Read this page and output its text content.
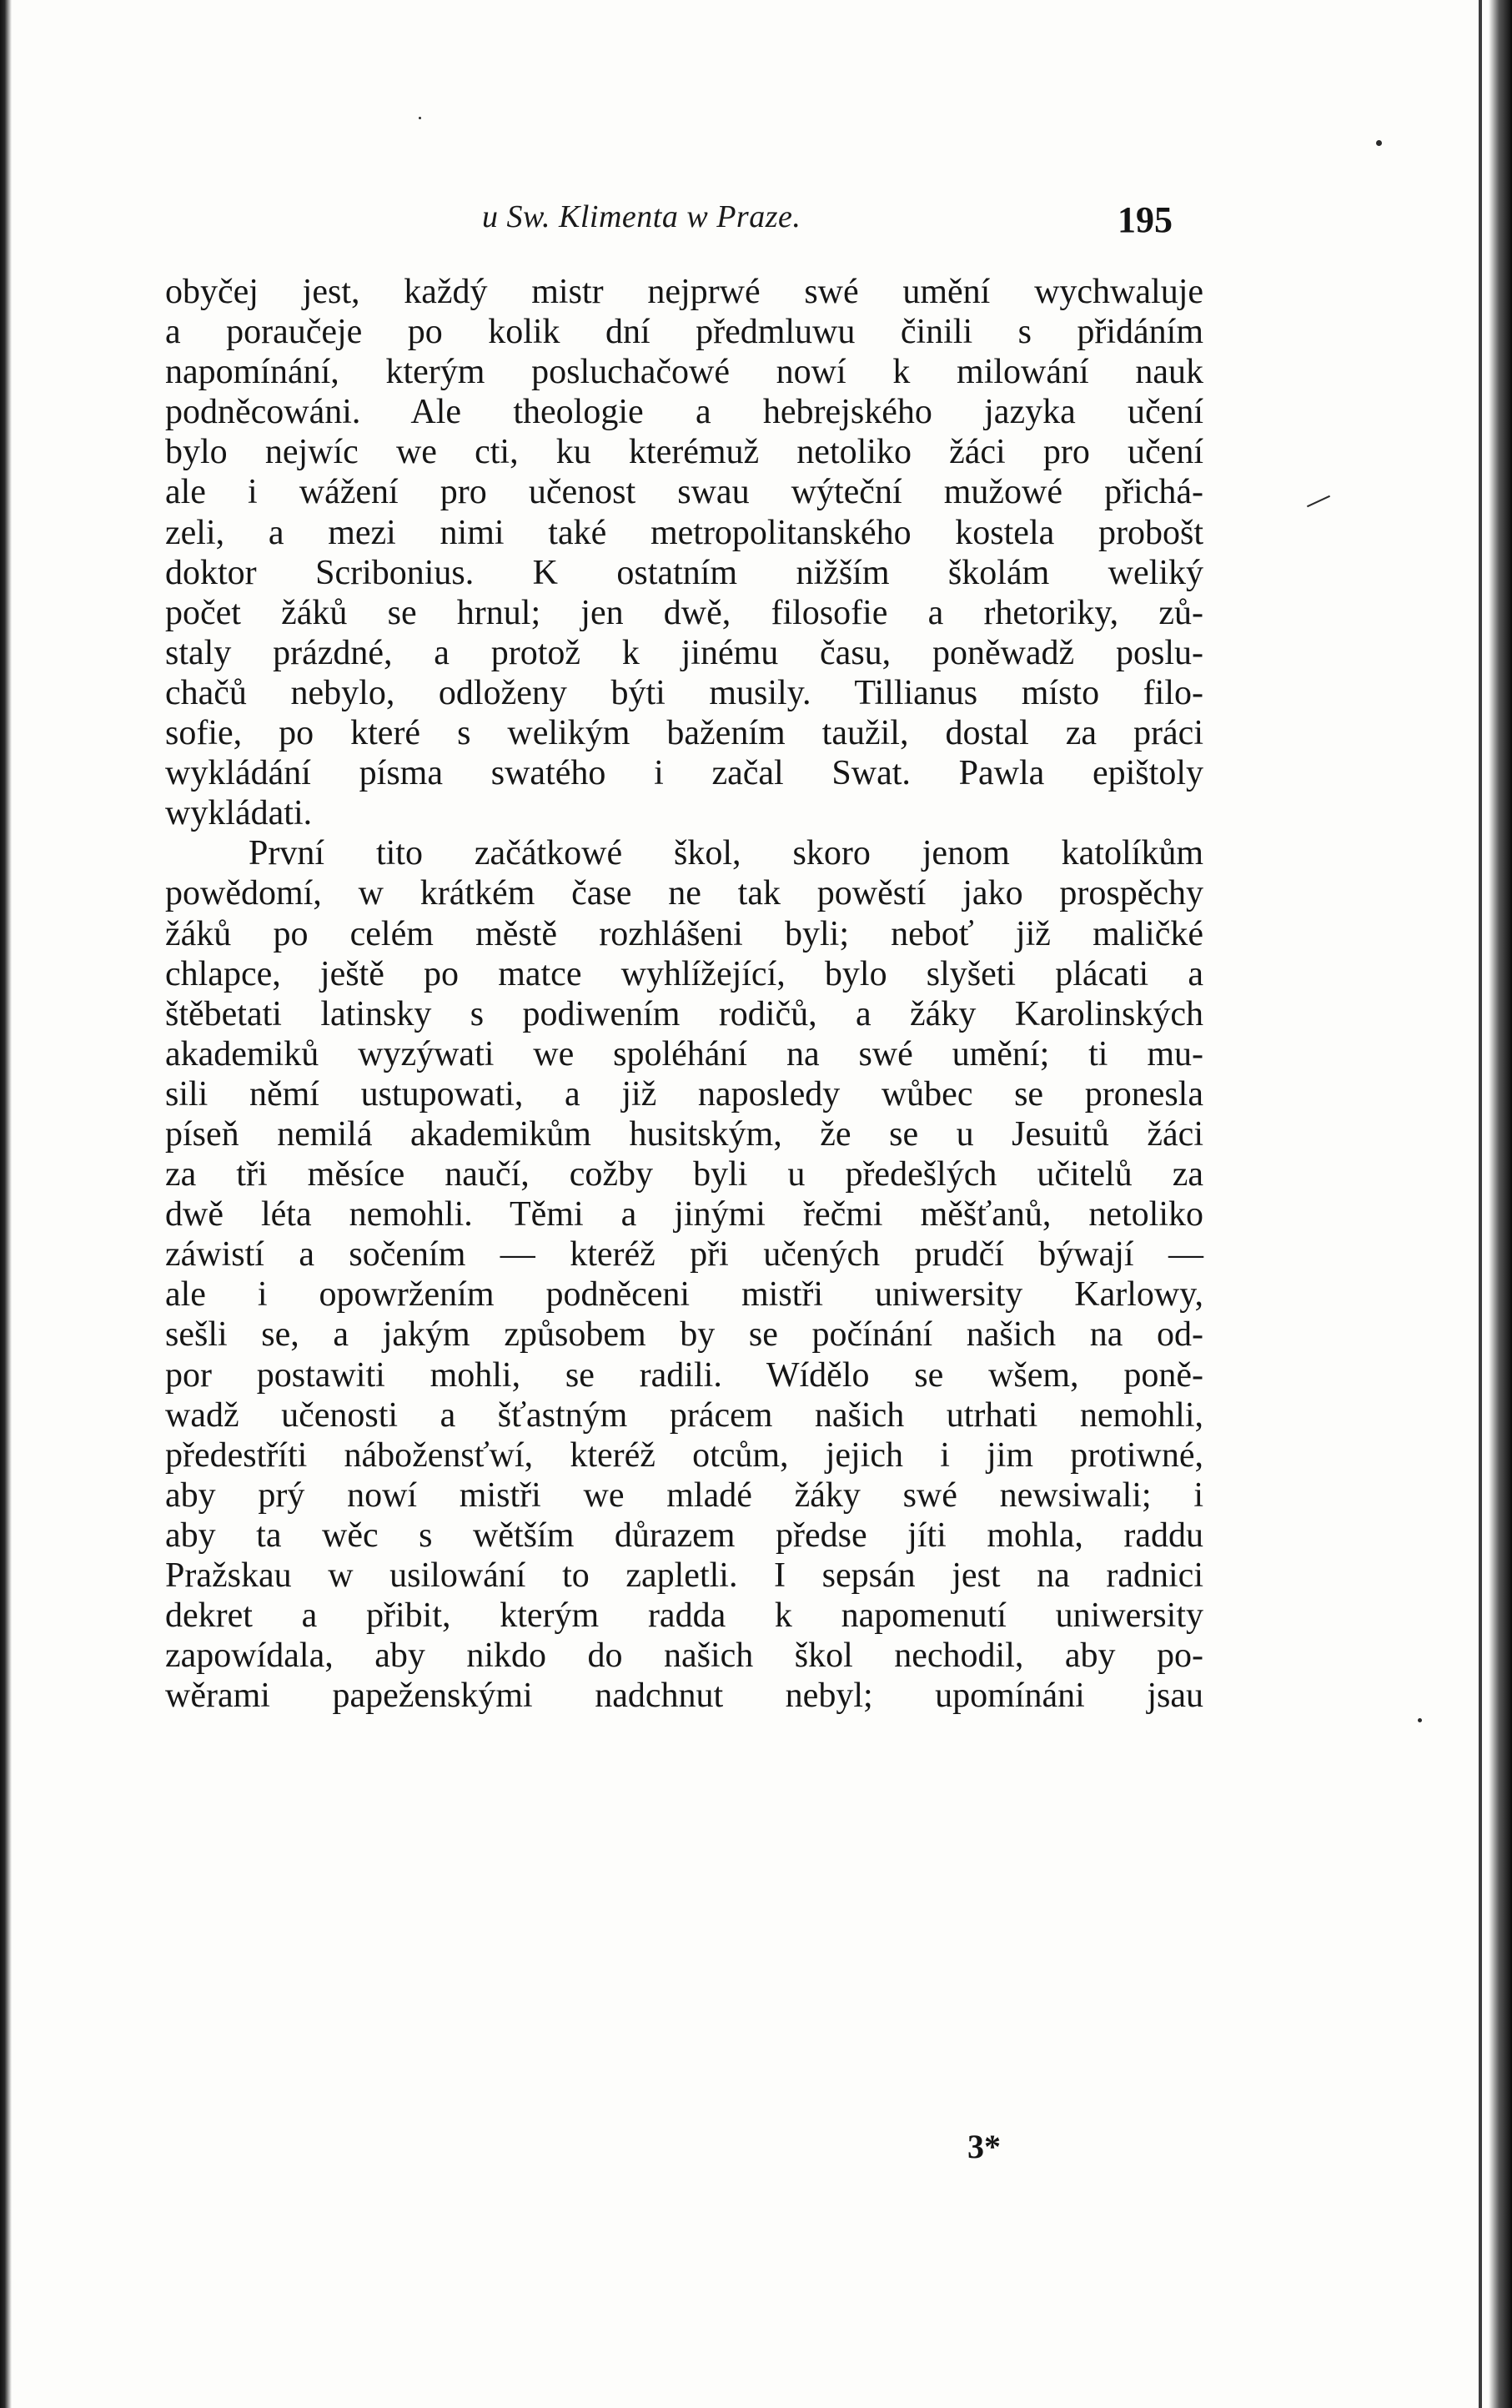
u Sw. Klimenta w Praze.	195
obyčej jest, každý mistr nejprwé swé umění wychwaluje
a poraučeje po kolik dní předmluwu činili s přidáním
napomínání, kterým posluchačowé nowí k milowání nauk
podněcowáni. Ale theologie a hebrejského jazyka učení
bylo nejwíc we cti, ku kterémuž netoliko žáci pro učení
ale i wážení pro učenost swau wýteční mužowé přichá-
zeli, a mezi nimi také metropolitanského kostela probošt
doktor Scribonius. K ostatním nižším školám weliký
počet žáků se hrnul; jen dwě, filosofie a rhetoriky, zů-
staly prázdné, a protož k jinému času, poněwadž poslu-
chačů nebylo, odloženy býti musily. Tillianus místo filo-
sofie, po které s welikým bažením taužil, dostal za práci
wykládání písma swatého i začal Swat. Pawla epištoly
wykládati.
První tito začátkowé škol, skoro jenom katolíkům
powědomí, w krátkém čase ne tak powěstí jako prospěchy
žáků po celém městě rozhlášeni byli; neboť již maličké
chlapce, ještě po matce wyhlížející, bylo slyšeti plácati a
štěbetati latinsky s podiwením rodičů, a žáky Karolinských
akademiků wyzýwati we spoléhání na swé umění; ti mu-
sili němí ustupowati, a již naposledy wůbec se pronesla
píseň nemilá akademikům husitským, že se u Jesuitů žáci
za tři měsíce naučí, cožby byli u předešlých učitelů za
dwě léta nemohli. Těmi a jinými řečmi měšťanů, netoliko
záwistí a sočením — kteréž při učených prudčí býwají —
ale i opowržením podněceni mistři uniwersity Karlowy,
sešli se, a jakým způsobem by se počínání našich na od-
por postawiti mohli, se radili. Wídělo se wšem, poně-
wadž učenosti a šťastným prácem našich utrhati nemohli,
předestříti nábožensťwí, kteréž otcům, jejich i jim protiwné,
aby prý nowí mistři we mladé žáky swé newsiwali; i
aby ta wěc s wětším důrazem předse jíti mohla, raddu
Pražskau w usilowání to zapletli. I sepsán jest na radnici
dekret a přibit, kterým radda k napomenutí uniwersity
zapowídala, aby nikdo do našich škol nechodil, aby po-
wěrami papeženskými nadchnut nebyl; upomínáni jsau
3*
